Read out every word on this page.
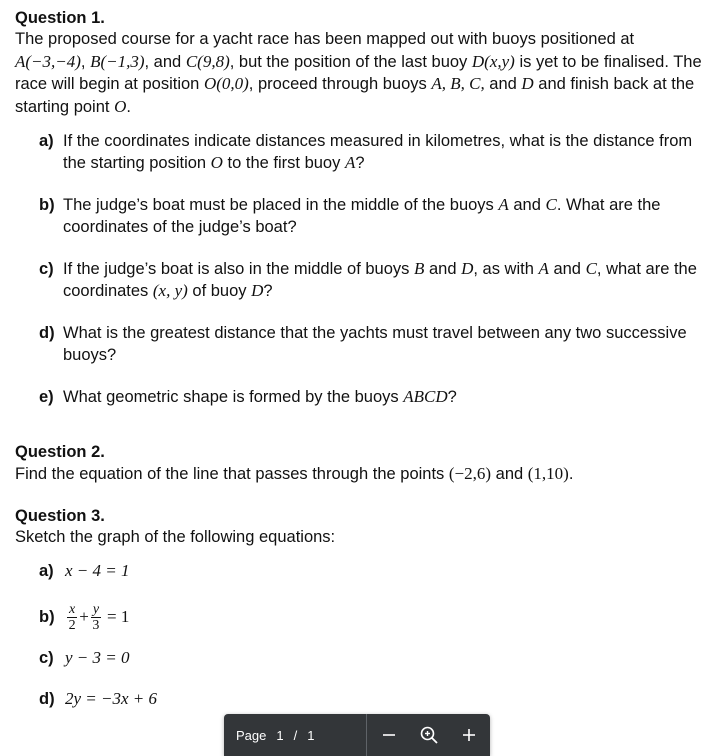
Question 1.
The proposed course for a yacht race has been mapped out with buoys positioned at A(−3,−4), B(−1,3), and C(9,8), but the position of the last buoy D(x,y) is yet to be finalised. The race will begin at position O(0,0), proceed through buoys A, B, C, and D and finish back at the starting point O.
a) If the coordinates indicate distances measured in kilometres, what is the distance from the starting position O to the first buoy A?
b) The judge’s boat must be placed in the middle of the buoys A and C. What are the coordinates of the judge’s boat?
c) If the judge’s boat is also in the middle of buoys B and D, as with A and C, what are the coordinates (x, y) of buoy D?
d) What is the greatest distance that the yachts must travel between any two successive buoys?
e) What geometric shape is formed by the buoys ABCD?
Question 2.
Find the equation of the line that passes through the points (−2,6) and (1,10).
Question 3.
Sketch the graph of the following equations:
a) x − 4 = 1
$b) \frac{x}{2} + \frac{y}{3} = 1$
c) y − 3 = 0
d) 2y = −3x + 6
Page 1 / 1
